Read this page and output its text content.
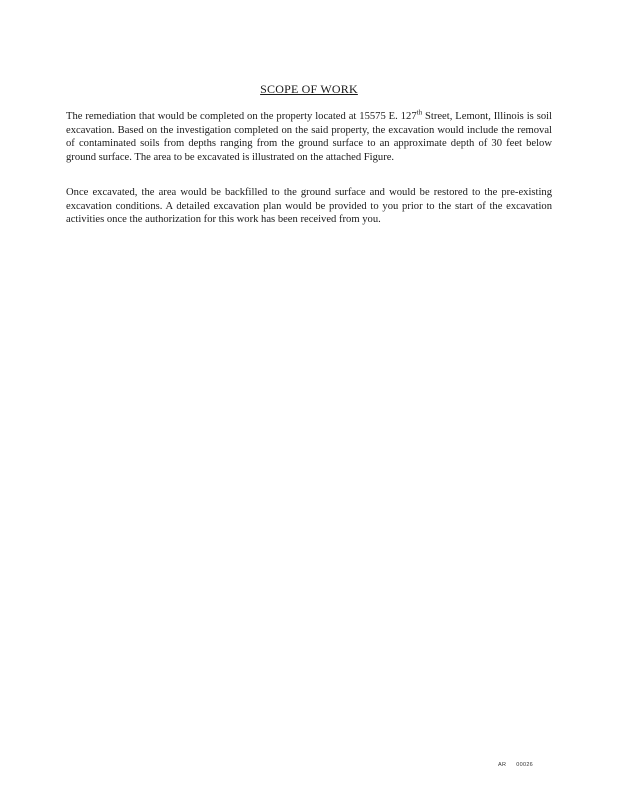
SCOPE OF WORK

The remediation that would be completed on the property located at 15575 E. 127th Street, Lemont, Illinois is soil excavation. Based on the investigation completed on the said property, the excavation would include the removal of contaminated soils from depths ranging from the ground surface to an approximate depth of 30 feet below ground surface. The area to be excavated is illustrated on the attached Figure.

Once excavated, the area would be backfilled to the ground surface and would be restored to the pre-existing excavation conditions. A detailed excavation plan would be provided to you prior to the start of the excavation activities once the authorization for this work has been received from you.

AR 00026
